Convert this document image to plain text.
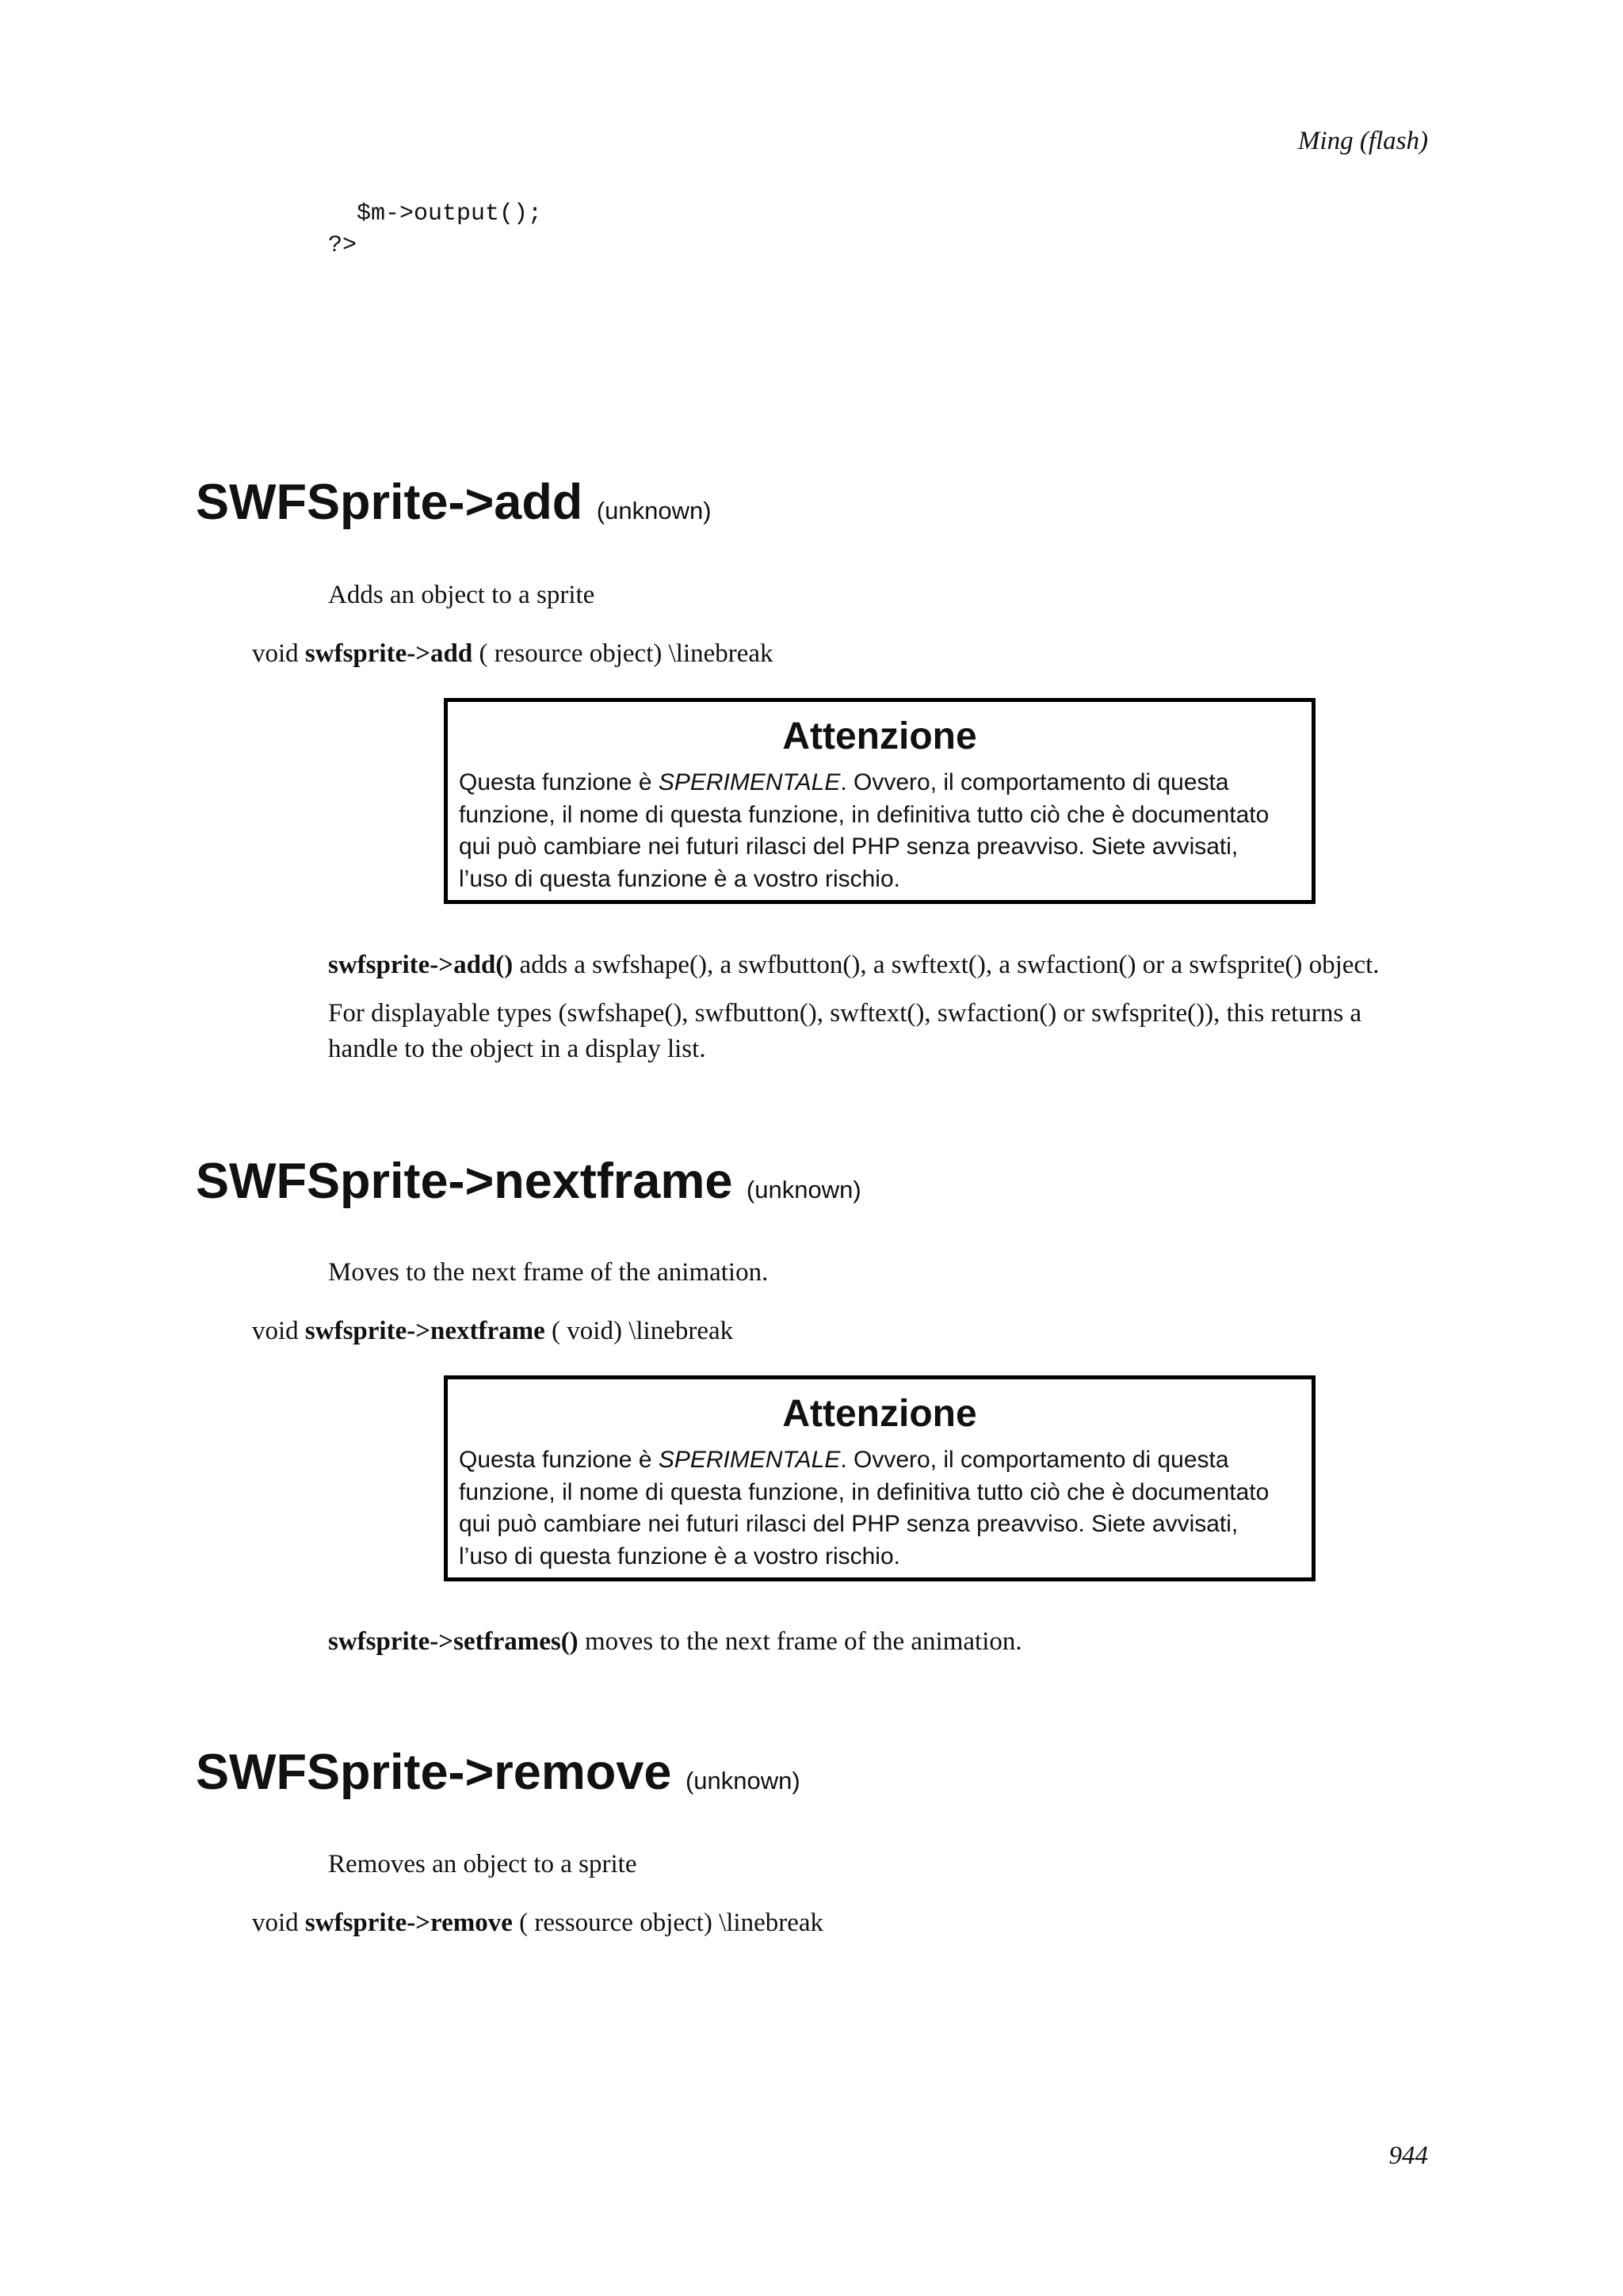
Ming (flash)
$m->output();
?>
SWFSprite->add (unknown)
Adds an object to a sprite
void swfsprite->add ( resource object) \linebreak
Attenzione
Questa funzione è SPERIMENTALE. Ovvero, il comportamento di questa
funzione, il nome di questa funzione, in definitiva tutto ciò che è documentato
qui può cambiare nei futuri rilasci del PHP senza preavviso. Siete avvisati,
l’uso di questa funzione è a vostro rischio.
swfsprite->add() adds a swfshape(), a swfbutton(), a swftext(), a swfaction() or a swfsprite() object.
For displayable types (swfshape(), swfbutton(), swftext(), swfaction() or swfsprite()), this returns a
handle to the object in a display list.
SWFSprite->nextframe (unknown)
Moves to the next frame of the animation.
void swfsprite->nextframe ( void) \linebreak
Attenzione
Questa funzione è SPERIMENTALE. Ovvero, il comportamento di questa
funzione, il nome di questa funzione, in definitiva tutto ciò che è documentato
qui può cambiare nei futuri rilasci del PHP senza preavviso. Siete avvisati,
l’uso di questa funzione è a vostro rischio.
swfsprite->setframes() moves to the next frame of the animation.
SWFSprite->remove (unknown)
Removes an object to a sprite
void swfsprite->remove ( ressource object) \linebreak
944
